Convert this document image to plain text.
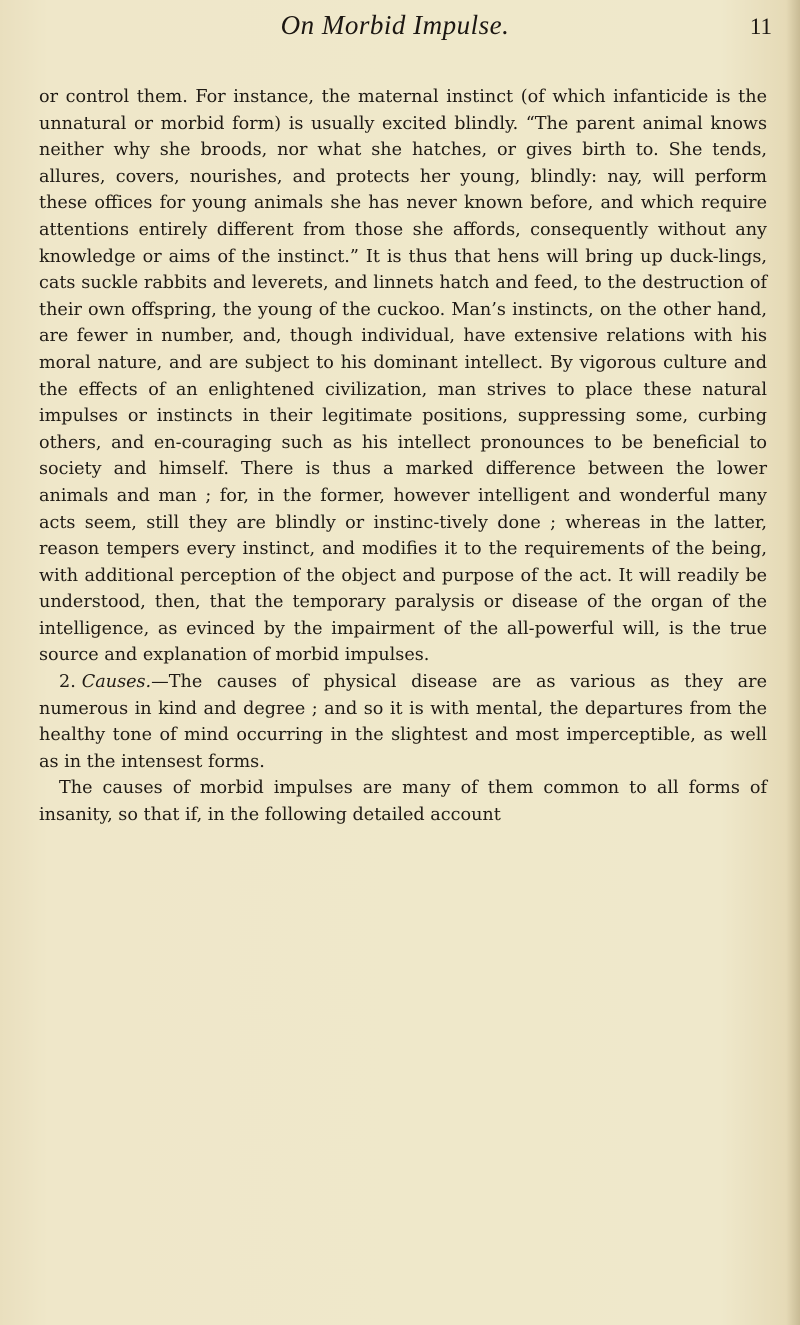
On Morbid Impulse.	11

or control them. For instance, the maternal instinct (of which infanticide is the unnatural or morbid form) is usually excited blindly. “The parent animal knows neither why she broods, nor what she hatches, or gives birth to. She tends, allures, covers, nourishes, and protects her young, blindly: nay, will perform these offices for young animals she has never known before, and which require attentions entirely different from those she affords, consequently without any knowledge or aims of the instinct.” It is thus that hens will bring up duck-lings, cats suckle rabbits and leverets, and linnets hatch and feed, to the destruction of their own offspring, the young of the cuckoo. Man’s instincts, on the other hand, are fewer in number, and, though individual, have extensive relations with his moral nature, and are subject to his dominant intellect. By vigorous culture and the effects of an enlightened civilization, man strives to place these natural impulses or instincts in their legitimate positions, suppressing some, curbing others, and en-couraging such as his intellect pronounces to be beneficial to society and himself. There is thus a marked difference between the lower animals and man ; for, in the former, however intelligent and wonderful many acts seem, still they are blindly or instinc-tively done ; whereas in the latter, reason tempers every instinct, and modifies it to the requirements of the being, with additional perception of the object and purpose of the act. It will readily be understood, then, that the temporary paralysis or disease of the organ of the intelligence, as evinced by the impairment of the all-powerful will, is the true source and explanation of morbid impulses.

2. Causes.—The causes of physical disease are as various as they are numerous in kind and degree ; and so it is with mental, the departures from the healthy tone of mind occurring in the slightest and most imperceptible, as well as in the intensest forms.

The causes of morbid impulses are many of them common to all forms of insanity, so that if, in the following detailed account
